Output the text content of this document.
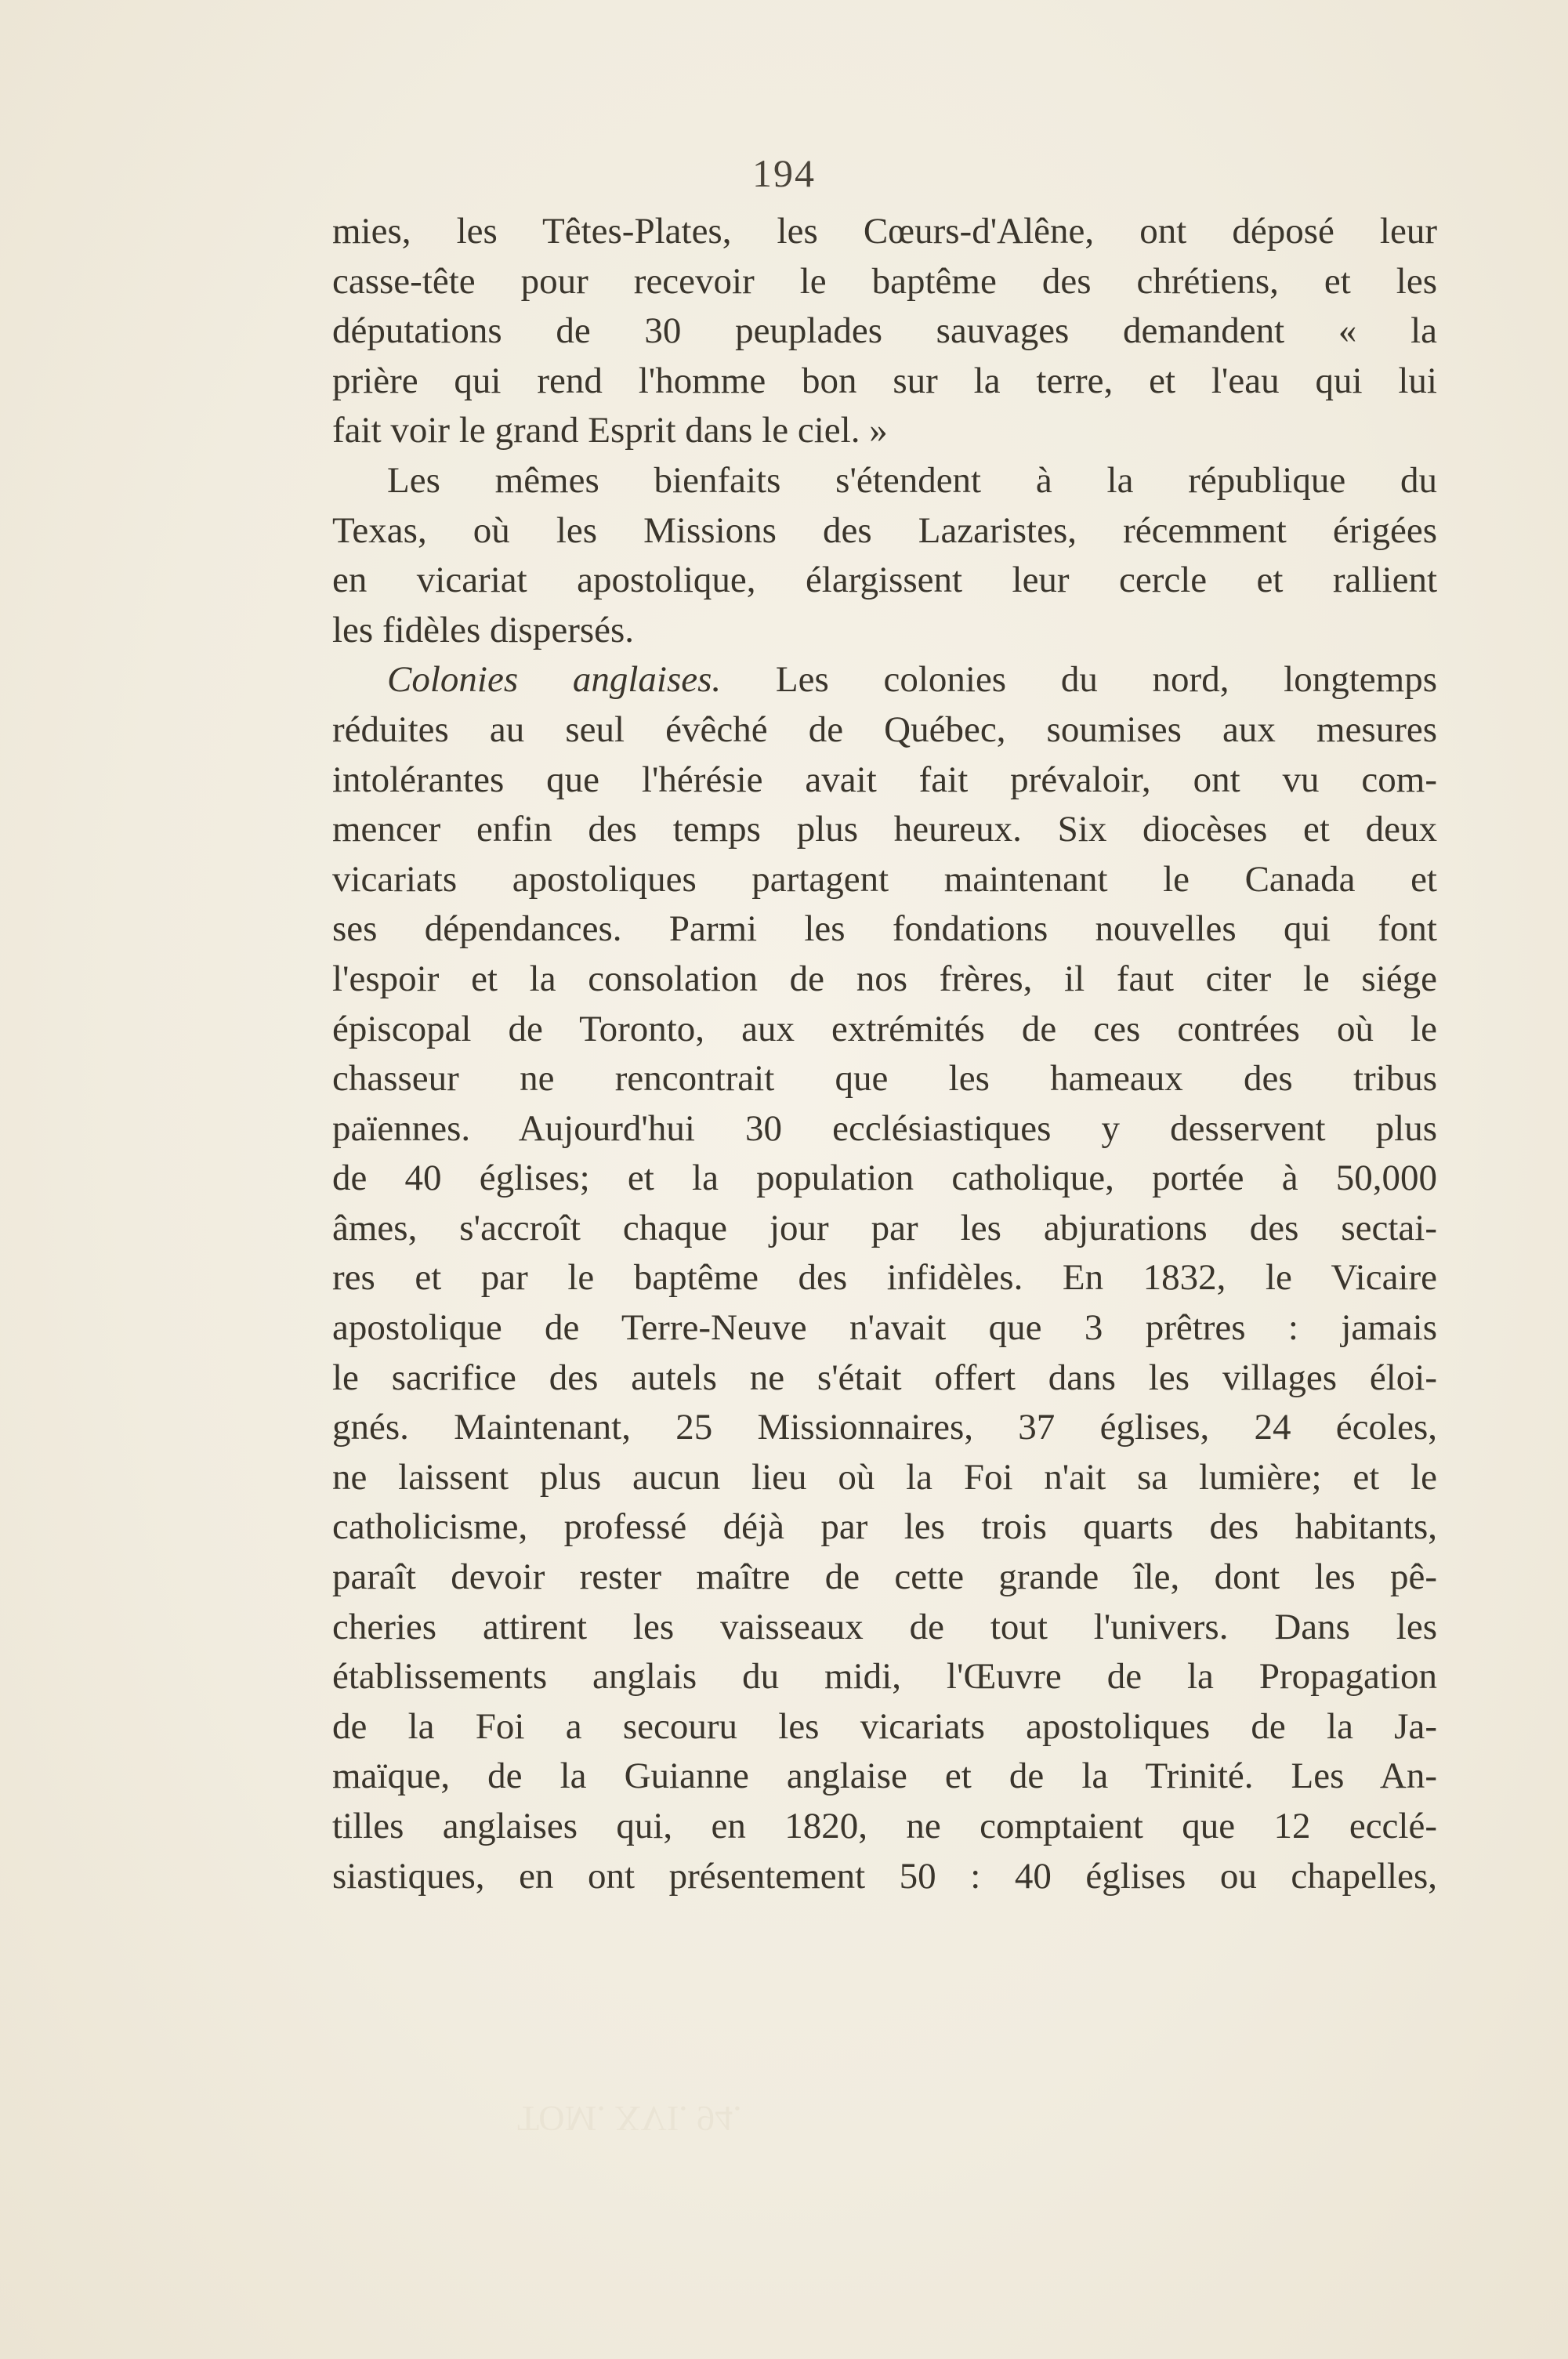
194
mies, les Têtes-Plates, les Cœurs-d'Alêne, ont déposé leur
casse-tête pour recevoir le baptême des chrétiens, et les
députations de 30 peuplades sauvages demandent « la
prière qui rend l'homme bon sur la terre, et l'eau qui lui
fait voir le grand Esprit dans le ciel. »
Les mêmes bienfaits s'étendent à la république du
Texas, où les Missions des Lazaristes, récemment érigées
en vicariat apostolique, élargissent leur cercle et rallient
les fidèles dispersés.
Colonies anglaises. Les colonies du nord, longtemps
réduites au seul évêché de Québec, soumises aux mesures
intolérantes que l'hérésie avait fait prévaloir, ont vu com-
mencer enfin des temps plus heureux. Six diocèses et deux
vicariats apostoliques partagent maintenant le Canada et
ses dépendances. Parmi les fondations nouvelles qui font
l'espoir et la consolation de nos frères, il faut citer le siége
épiscopal de Toronto, aux extrémités de ces contrées où le
chasseur ne rencontrait que les hameaux des tribus
païennes. Aujourd'hui 30 ecclésiastiques y desservent plus
de 40 églises; et la population catholique, portée à 50,000
âmes, s'accroît chaque jour par les abjurations des sectai-
res et par le baptême des infidèles. En 1832, le Vicaire
apostolique de Terre-Neuve n'avait que 3 prêtres : jamais
le sacrifice des autels ne s'était offert dans les villages éloi-
gnés. Maintenant, 25 Missionnaires, 37 églises, 24 écoles,
ne laissent plus aucun lieu où la Foi n'ait sa lumière; et le
catholicisme, professé déjà par les trois quarts des habitants,
paraît devoir rester maître de cette grande île, dont les pê-
cheries attirent les vaisseaux de tout l'univers. Dans les
établissements anglais du midi, l'Œuvre de la Propagation
de la Foi a secouru les vicariats apostoliques de la Ja-
maïque, de la Guianne anglaise et de la Trinité. Les An-
tilles anglaises qui, en 1820, ne comptaient que 12 ecclé-
siastiques, en ont présentement 50 : 40 églises ou chapelles,
TOM. XVI. 94.
